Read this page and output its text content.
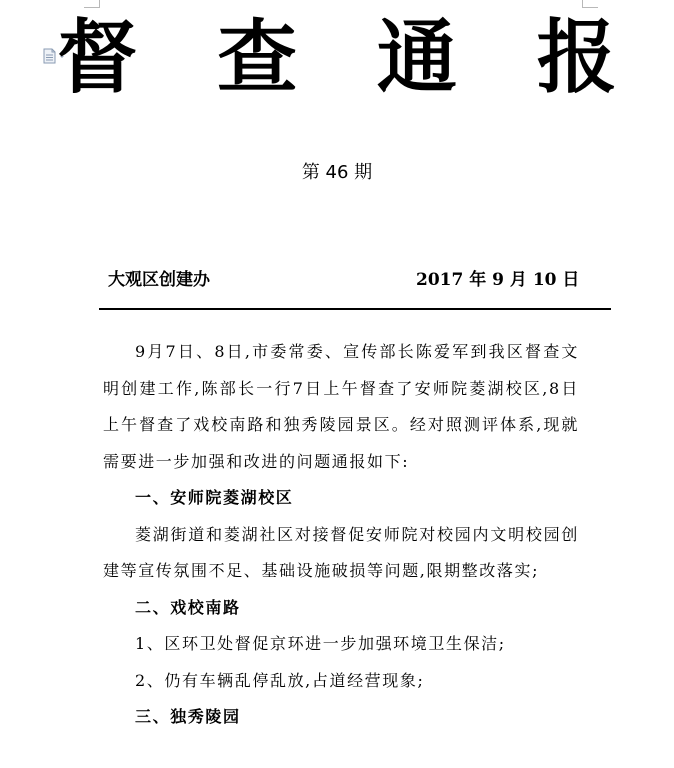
督 查 通 报
第 46 期
大观区创建办	2017 年 9 月 10 日

9月7日、8日,市委常委、宣传部长陈爱军到我区督查文明创建工作,陈部长一行7日上午督查了安师院菱湖校区,8日上午督查了戏校南路和独秀陵园景区。经对照测评体系,现就需要进一步加强和改进的问题通报如下:

一、安师院菱湖校区

菱湖街道和菱湖社区对接督促安师院对校园内文明校园创建等宣传氛围不足、基础设施破损等问题,限期整改落实;

二、戏校南路

1、区环卫处督促京环进一步加强环境卫生保洁;

2、仍有车辆乱停乱放,占道经营现象;

三、独秀陵园
